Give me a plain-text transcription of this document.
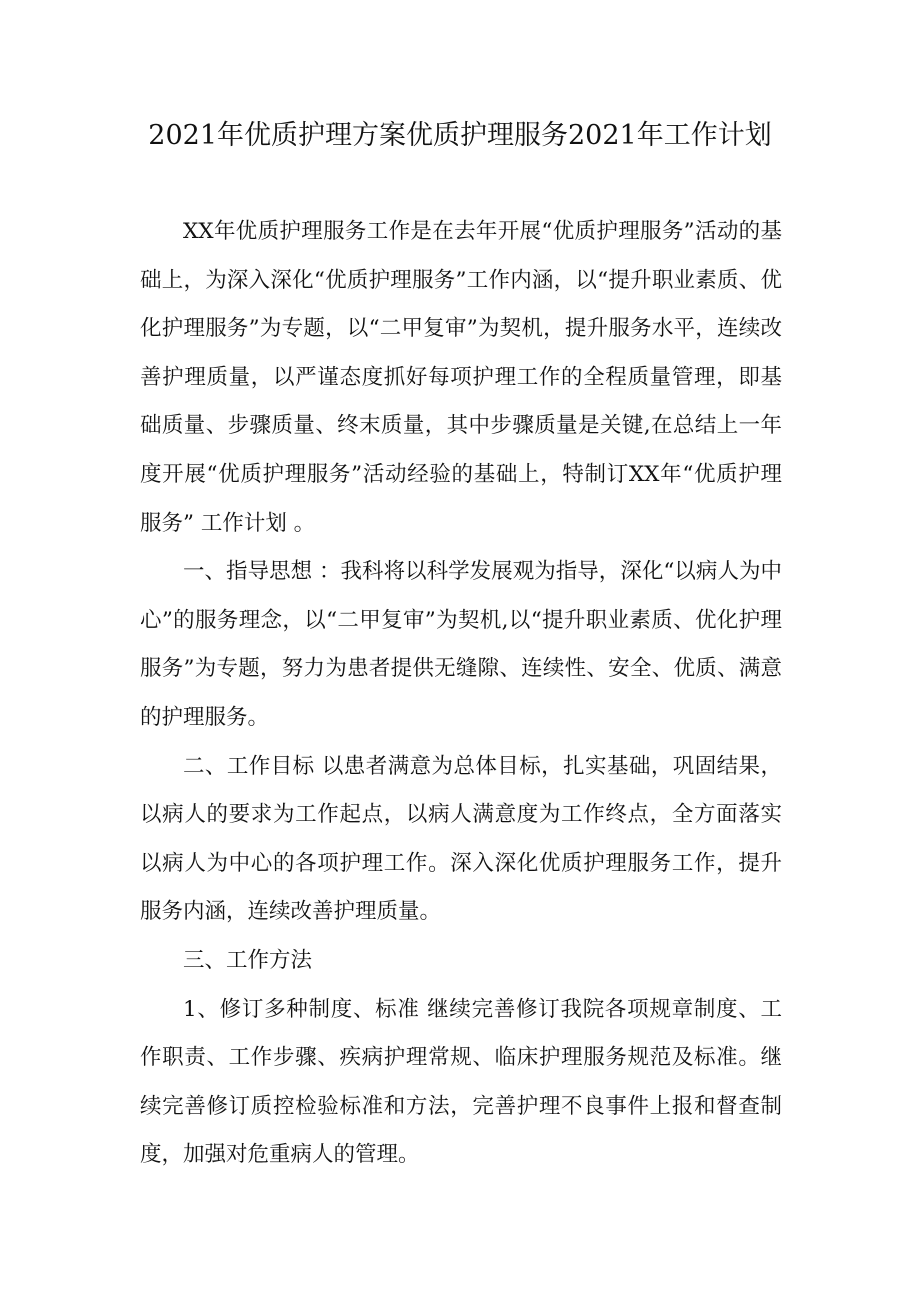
2021年优质护理方案优质护理服务2021年工作计划

XX年优质护理服务工作是在去年开展“优质护理服务”活动的基础上，为深入深化“优质护理服务”工作内涵，以“提升职业素质、优化护理服务”为专题，以“二甲复审”为契机，提升服务水平，连续改善护理质量，以严谨态度抓好每项护理工作的全程质量管理，即基础质量、步骤质量、终末质量，其中步骤质量是关键,在总结上一年度开展“优质护理服务”活动经验的基础上，特制订XX年“优质护理服务” 工作计划 。

一、指导思想 ：我科将以科学发展观为指导，深化“以病人为中心”的服务理念，以“二甲复审”为契机,以“提升职业素质、优化护理服务”为专题，努力为患者提供无缝隙、连续性、安全、优质、满意的护理服务。

二、工作目标 以患者满意为总体目标，扎实基础，巩固结果，以病人的要求为工作起点，以病人满意度为工作终点，全方面落实以病人为中心的各项护理工作。深入深化优质护理服务工作，提升服务内涵，连续改善护理质量。

三、工作方法

1、修订多种制度、标准 继续完善修订我院各项规章制度、工作职责、工作步骤、疾病护理常规、临床护理服务规范及标准。继续完善修订质控检验标准和方法，完善护理不良事件上报和督查制度，加强对危重病人的管理。
